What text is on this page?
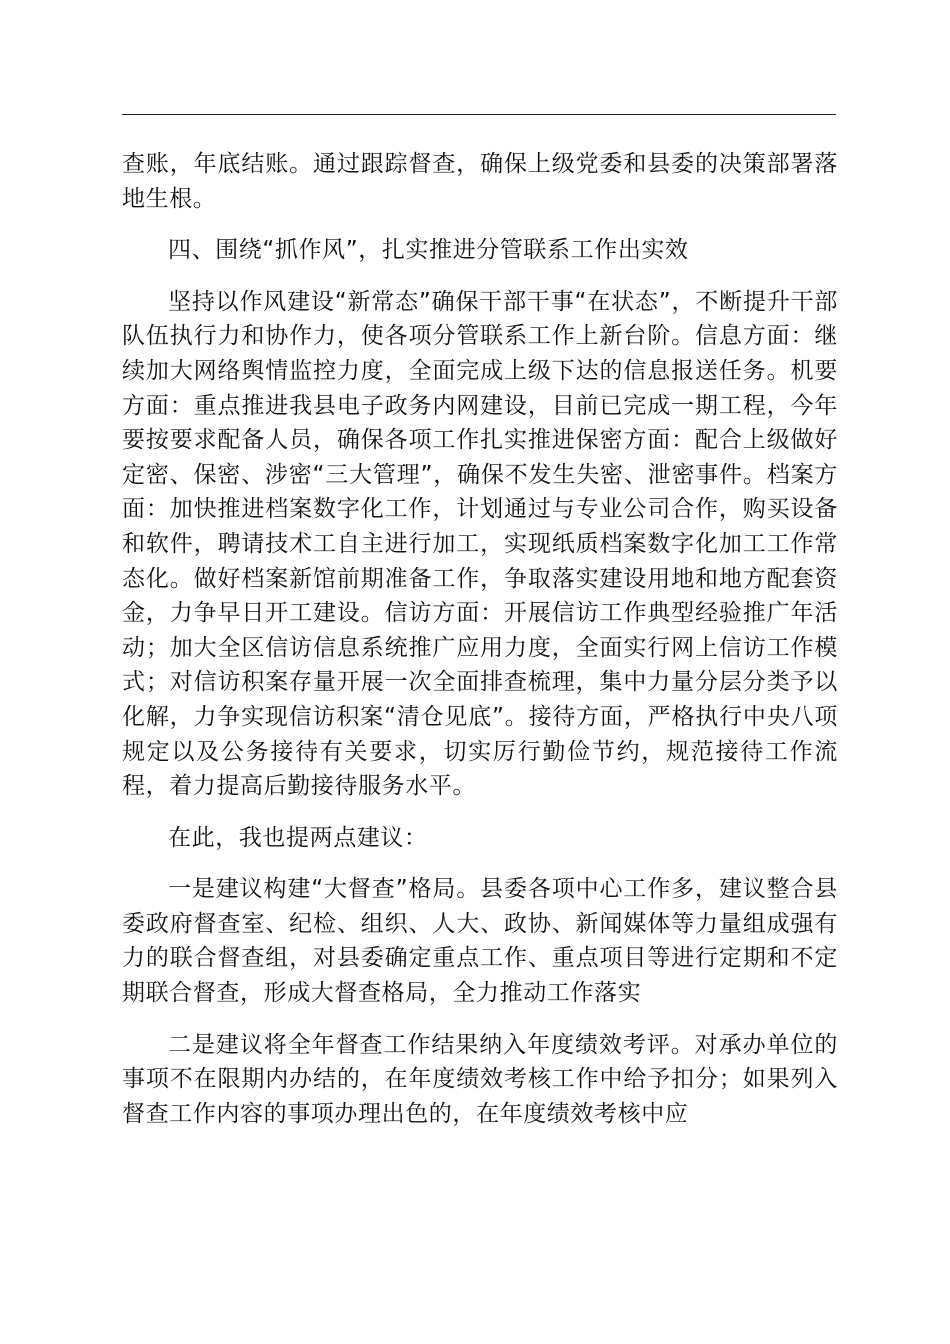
查账，年底结账。通过跟踪督查，确保上级党委和县委的决策部署落地生根。

四、围绕“抓作风”，扎实推进分管联系工作出实效

坚持以作风建设“新常态”确保干部干事“在状态”，不断提升干部队伍执行力和协作力，使各项分管联系工作上新台阶。信息方面：继续加大网络舆情监控力度，全面完成上级下达的信息报送任务。机要方面：重点推进我县电子政务内网建设，目前已完成一期工程，今年要按要求配备人员，确保各项工作扎实推进保密方面：配合上级做好定密、保密、涉密“三大管理”，确保不发生失密、泄密事件。档案方面：加快推进档案数字化工作，计划通过与专业公司合作，购买设备和软件，聘请技术工自主进行加工，实现纸质档案数字化加工工作常态化。做好档案新馆前期准备工作，争取落实建设用地和地方配套资金，力争早日开工建设。信访方面：开展信访工作典型经验推广年活动；加大全区信访信息系统推广应用力度，全面实行网上信访工作模式；对信访积案存量开展一次全面排查梳理，集中力量分层分类予以化解，力争实现信访积案“清仓见底”。接待方面，严格执行中央八项规定以及公务接待有关要求，切实厉行勤俭节约，规范接待工作流程，着力提高后勤接待服务水平。

在此，我也提两点建议：

一是建议构建“大督查”格局。县委各项中心工作多，建议整合县委政府督查室、纪检、组织、人大、政协、新闻媒体等力量组成强有力的联合督查组，对县委确定重点工作、重点项目等进行定期和不定期联合督查，形成大督查格局，全力推动工作落实

二是建议将全年督查工作结果纳入年度绩效考评。对承办单位的事项不在限期内办结的，在年度绩效考核工作中给予扣分；如果列入督查工作内容的事项办理出色的，在年度绩效考核中应
